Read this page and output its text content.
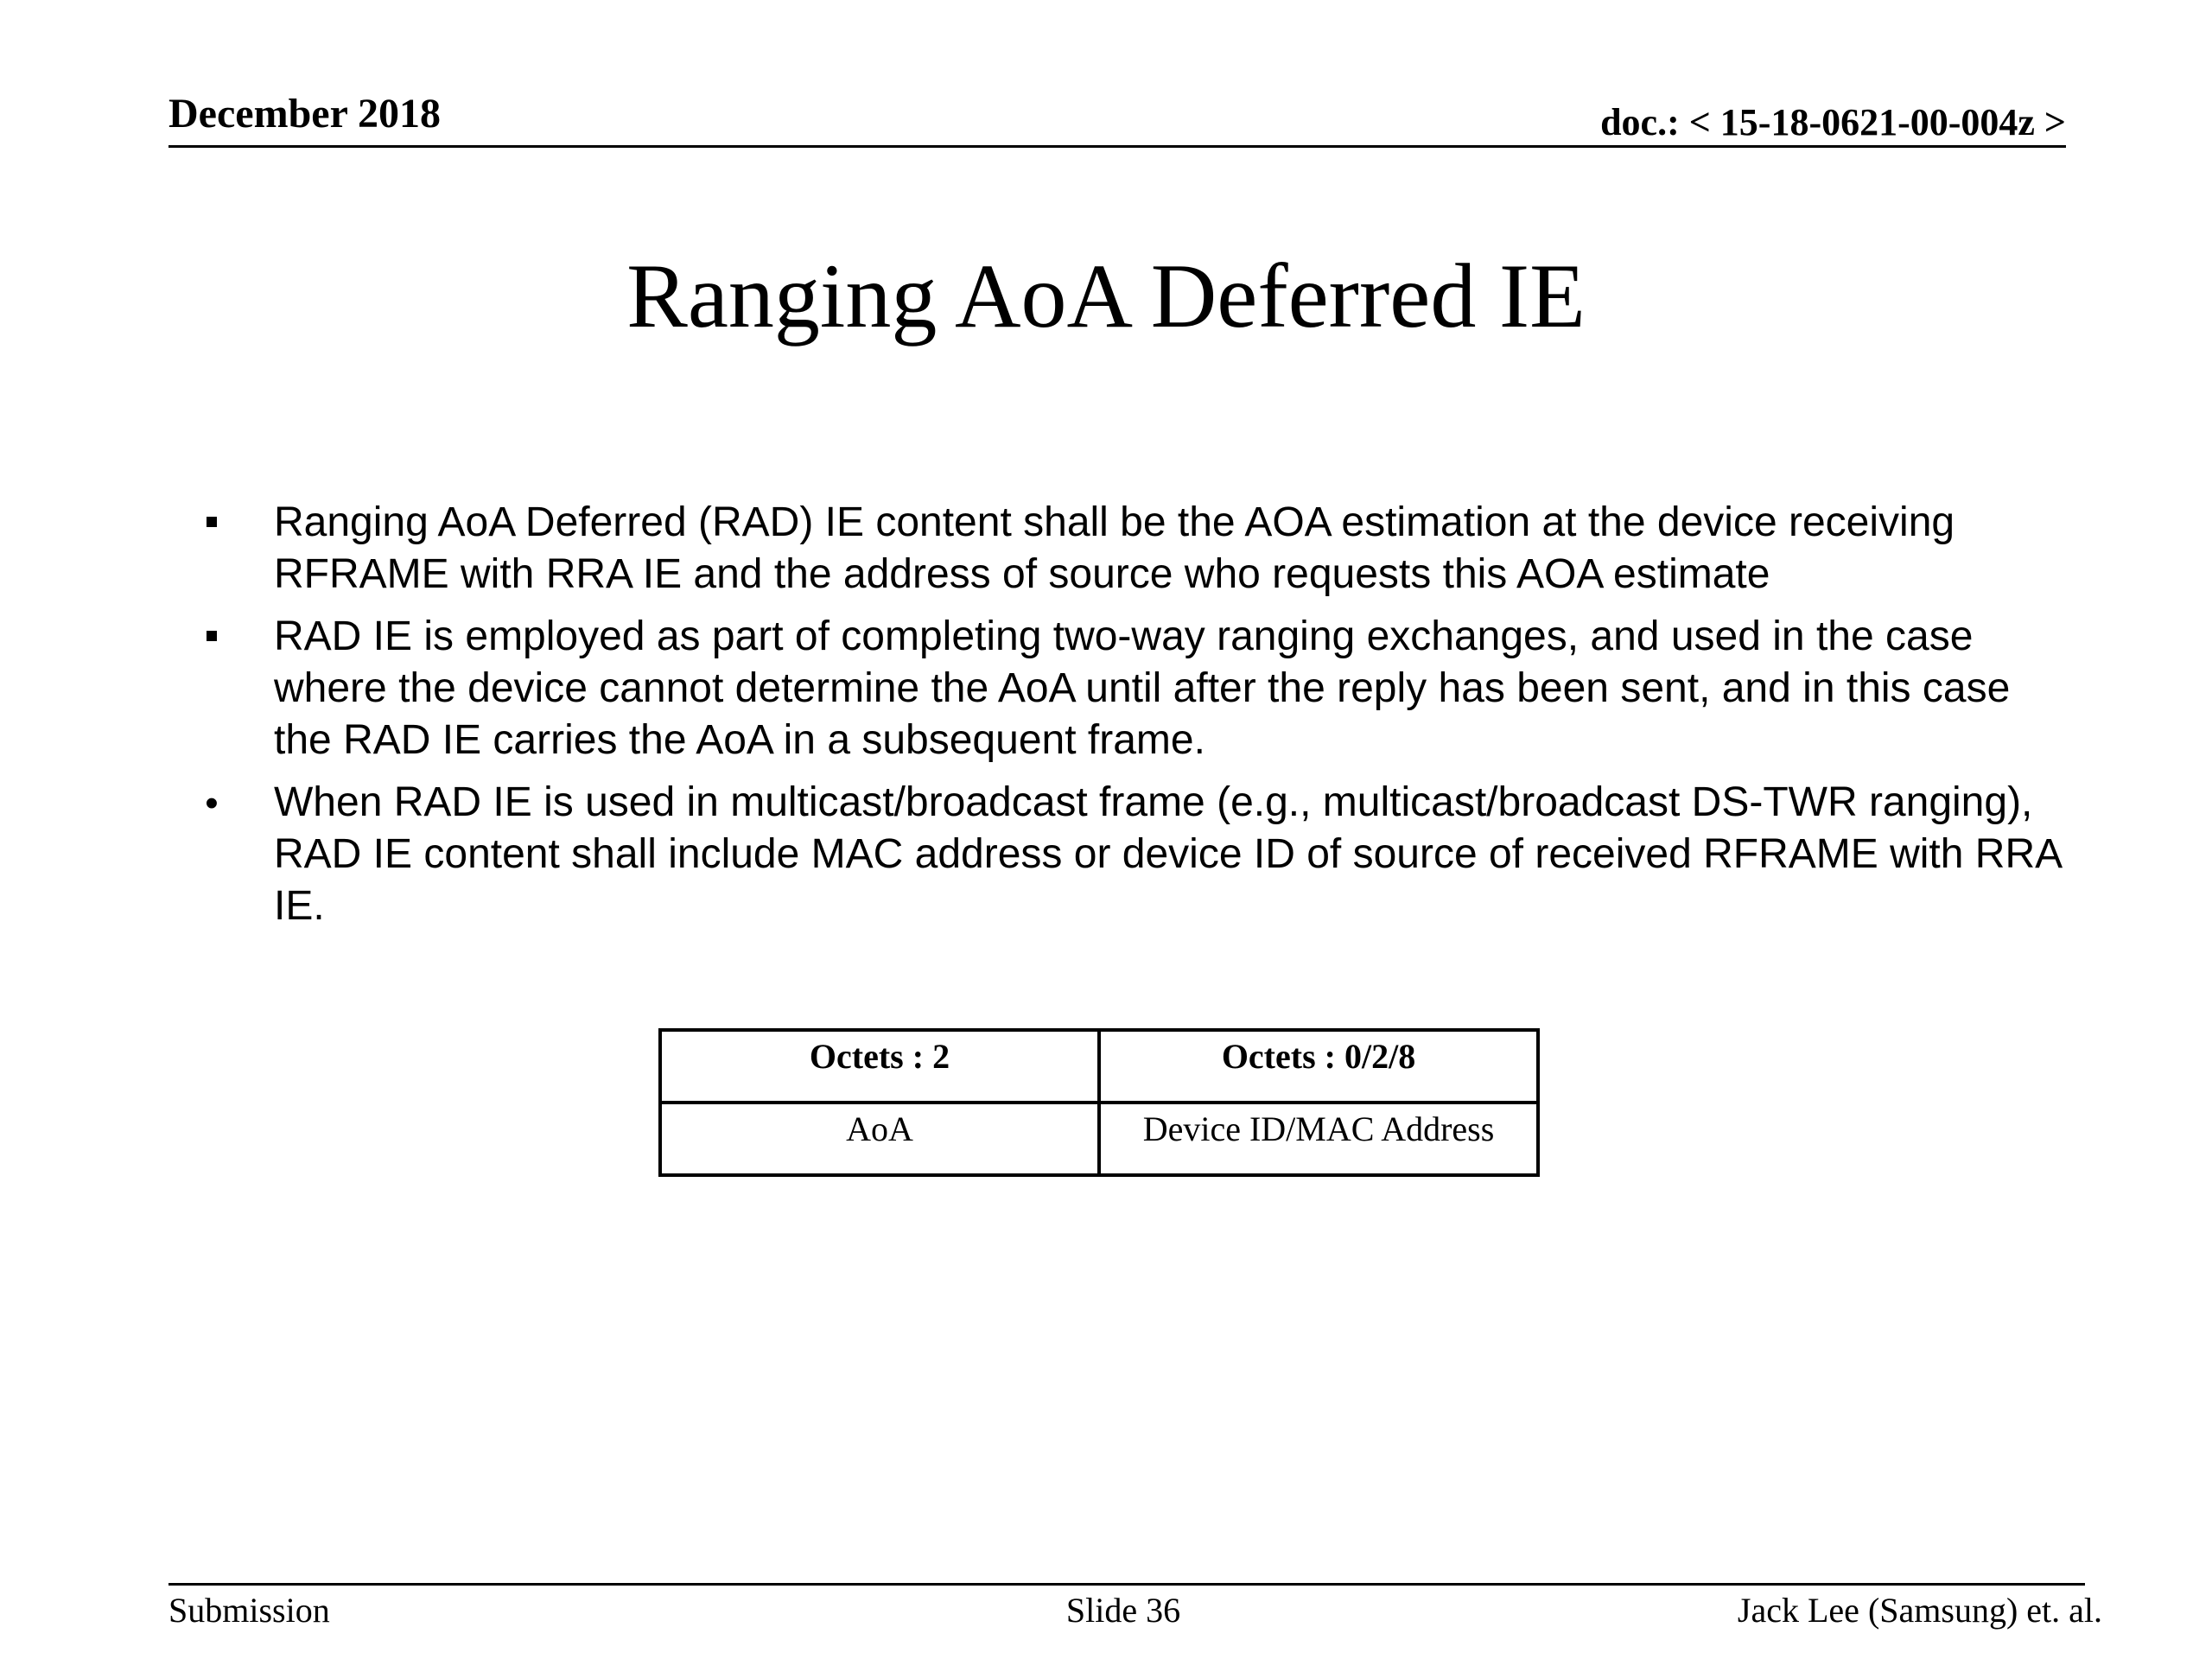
December 2018	doc.: < 15-18-0621-00-004z >
Ranging AoA Deferred IE
Ranging AoA Deferred (RAD) IE content shall be the AOA estimation at the device receiving RFRAME with RRA IE and the address of source who requests this AOA estimate
RAD IE is employed as part of completing two-way ranging exchanges, and used in the case where the device cannot determine the AoA until after the reply has been sent, and in this case the RAD IE carries the AoA in a subsequent frame.
•
When RAD IE is used in multicast/broadcast frame (e.g., multicast/broadcast DS-TWR ranging), RAD IE content shall include MAC address or device ID of source of received RFRAME with RRA IE.
Octets : 2	Octets : 0/2/8
AoA	Device ID/MAC Address
Submission	Slide 36	Jack Lee (Samsung) et. al.
